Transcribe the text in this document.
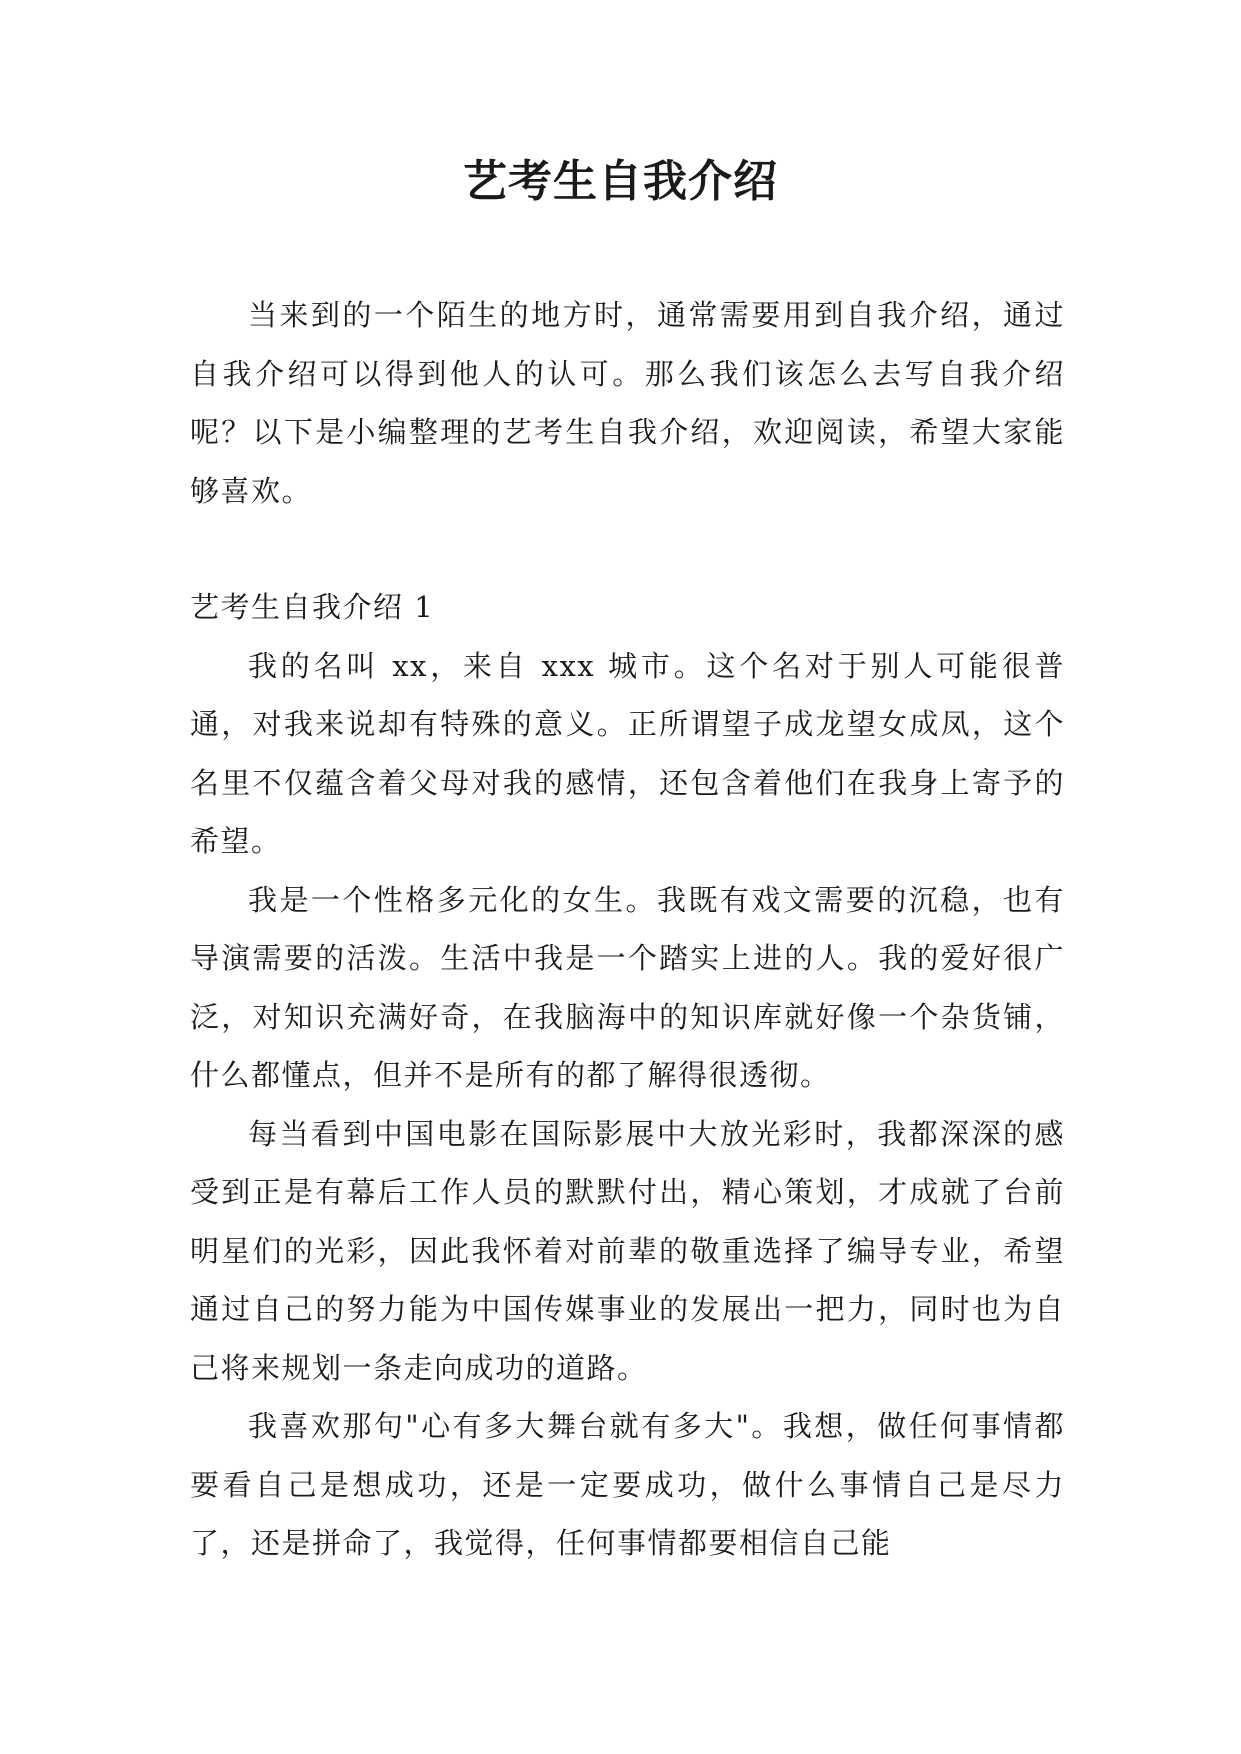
艺考生自我介绍

当来到的一个陌生的地方时，通常需要用到自我介绍，通过自我介绍可以得到他人的认可。那么我们该怎么去写自我介绍呢？以下是小编整理的艺考生自我介绍，欢迎阅读，希望大家能够喜欢。

艺考生自我介绍 1

我的名叫 xx，来自 xxx 城市。这个名对于别人可能很普通，对我来说却有特殊的意义。正所谓望子成龙望女成凤，这个名里不仅蕴含着父母对我的感情，还包含着他们在我身上寄予的希望。

我是一个性格多元化的女生。我既有戏文需要的沉稳，也有导演需要的活泼。生活中我是一个踏实上进的人。我的爱好很广泛，对知识充满好奇，在我脑海中的知识库就好像一个杂货铺，什么都懂点，但并不是所有的都了解得很透彻。

每当看到中国电影在国际影展中大放光彩时，我都深深的感受到正是有幕后工作人员的默默付出，精心策划，才成就了台前明星们的光彩，因此我怀着对前辈的敬重选择了编导专业，希望通过自己的努力能为中国传媒事业的发展出一把力，同时也为自己将来规划一条走向成功的道路。

我喜欢那句"心有多大舞台就有多大"。我想，做任何事情都要看自己是想成功，还是一定要成功，做什么事情自己是尽力了，还是拼命了，我觉得，任何事情都要相信自己能
